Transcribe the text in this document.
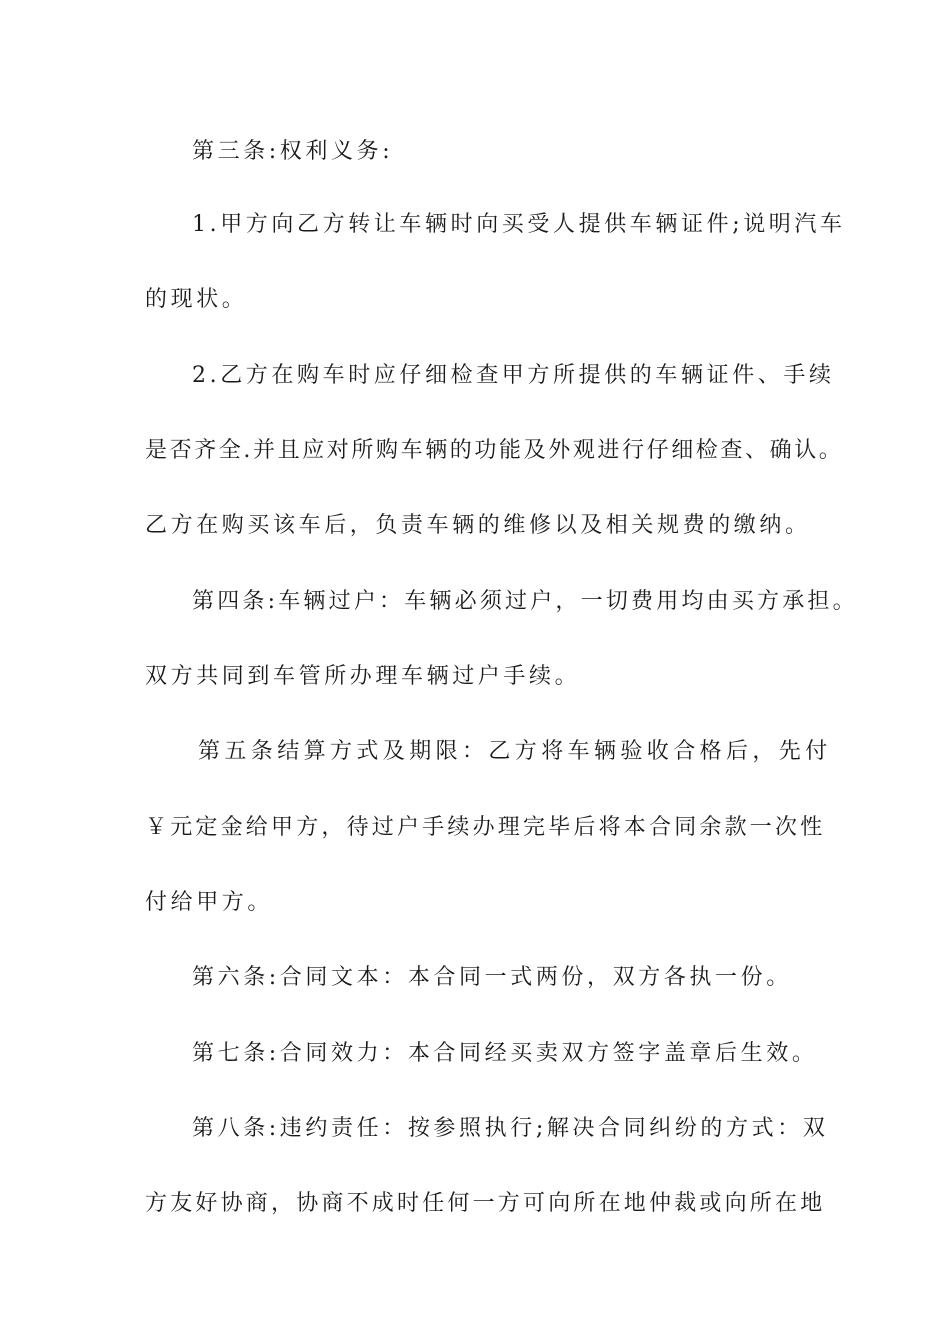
第三条:权利义务:
1.甲方向乙方转让车辆时向买受人提供车辆证件;说明汽车
的现状。
2.乙方在购车时应仔细检查甲方所提供的车辆证件、手续
是否齐全.并且应对所购车辆的功能及外观进行仔细检查、确认。
乙方在购买该车后，负责车辆的维修以及相关规费的缴纳。
第四条:车辆过户：车辆必须过户，一切费用均由买方承担。
双方共同到车管所办理车辆过户手续。
第五条结算方式及期限：乙方将车辆验收合格后，先付
￥元定金给甲方，待过户手续办理完毕后将本合同余款一次性
付给甲方。
第六条:合同文本：本合同一式两份，双方各执一份。
第七条:合同效力：本合同经买卖双方签字盖章后生效。
第八条:违约责任：按参照执行;解决合同纠纷的方式：双
方友好协商，协商不成时任何一方可向所在地仲裁或向所在地
